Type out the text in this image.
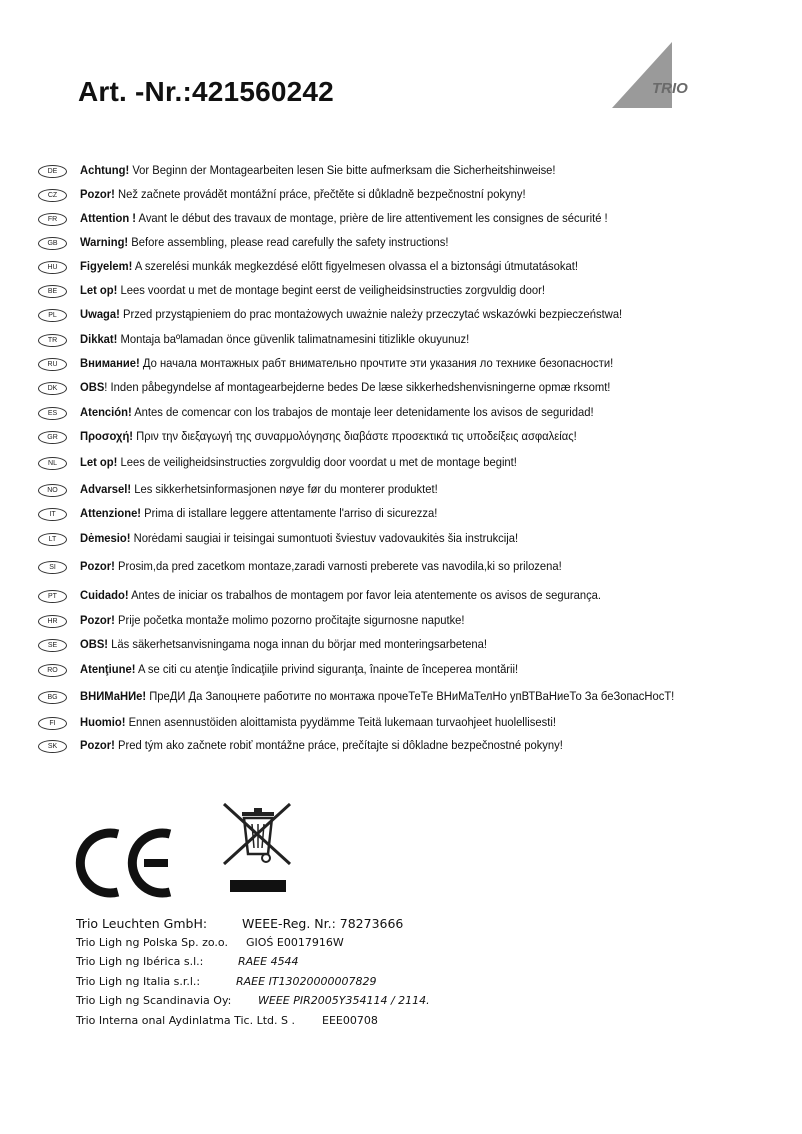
Art. -Nr.:421560242	TRIO
DE	Achtung! Vor Beginn der Montagearbeiten lesen Sie bitte aufmerksam die Sicherheitshinweise!
CZ	Pozor! Než začnete provádět montážní práce, přečtěte si důkladně bezpečnostní pokyny!
FR	Attention ! Avant le début des travaux de montage, prière de lire attentivement les consignes de sécurité !
GB	Warning! Before assembling, please read carefully the safety instructions!
HU	Figyelem! A szerelési munkák megkezdésé előtt figyelmesen olvassa el a biztonsági útmutatásokat!
BE	Let op! Lees voordat u met de montage begint eerst de veiligheidsinstructies zorgvuldig door!
PL	Uwaga! Przed przystąpieniem do prac montażowych uważnie należy przeczytać wskazówki bezpieczeństwa!
TR	Dikkat! Montaja baºlamadan önce güvenlik talimatnamesini titizlikle okuyunuz!
RU	Внимание! До начала монтажных рабт внимательно прочтите эти указания ло технике безопасности!
DK	OBS! Inden påbegyndelse af montagearbejderne bedes De læse sikkerhedshenvisningerne opmæ rksomt!
ES	Atención! Antes de comencar con los trabajos de montaje leer detenidamente los avisos de seguridad!
GR	Προσοχή! Πριν την διεξαγωγή της συναρμολόγησης διαβάστε προσεκτικά τις υποδείξεις ασφαλείας!
NL	Let op! Lees de veiligheidsinstructies zorgvuldig door voordat u met de montage begint!
NO	Advarsel! Les sikkerhetsinformasjonen nøye før du monterer produktet!
IT	Attenzione! Prima di istallare leggere attentamente l'arriso di sicurezza!
LT	Dėmesio! Norėdami saugiai ir teisingai sumontuoti šviestuv vadovaukitės šia instrukcija!
SI	Pozor! Prosim,da pred zacetkom montaze,zaradi varnosti preberete vas navodila,ki so prilozena!
PT	Cuidado! Antes de iniciar os trabalhos de montagem por favor leia atentemente os avisos de segurança.
HR	Pozor! Prije početka montaže molimo pozorno pročitajte sigurnosne naputke!
SE	OBS! Läs säkerhetsanvisningama noga innan du börjar med monteringsarbetena!
RO	Atenţiune! A se citi cu atenţie îndicaţiile privind siguranţa, înainte de începerea montării!
BG	ВНИМаНИе! ПреДИ Да Запоцнете работите по монтажа прочеТеТе ВНиМаТелНо упВТВаНиеТо За беЗопасНосТ!
FI	Huomio! Ennen asennustöiden aloittamista pyydämme Teitä lukemaan turvaohjeet huolellisesti!
SK	Pozor! Pred tým ako začnete robiť montážne práce, prečítajte si dôkladne bezpečnostné pokyny!
Trio Leuchten GmbH:	WEEE-Reg. Nr.: 78273666
Trio Ligh ng Polska Sp. zo.o. GIOŚ E0017916W
Trio Ligh ng Ibérica s.l.:	RAEE 4544
Trio Ligh ng Italia s.r.l.:	RAEE IT13020000007829
Trio Ligh ng Scandinavia Oy: WEEE PIR2005Y354114 / 2114.
Trio Interna onal Aydinlatma Tic. Ltd. S . EEE00708
